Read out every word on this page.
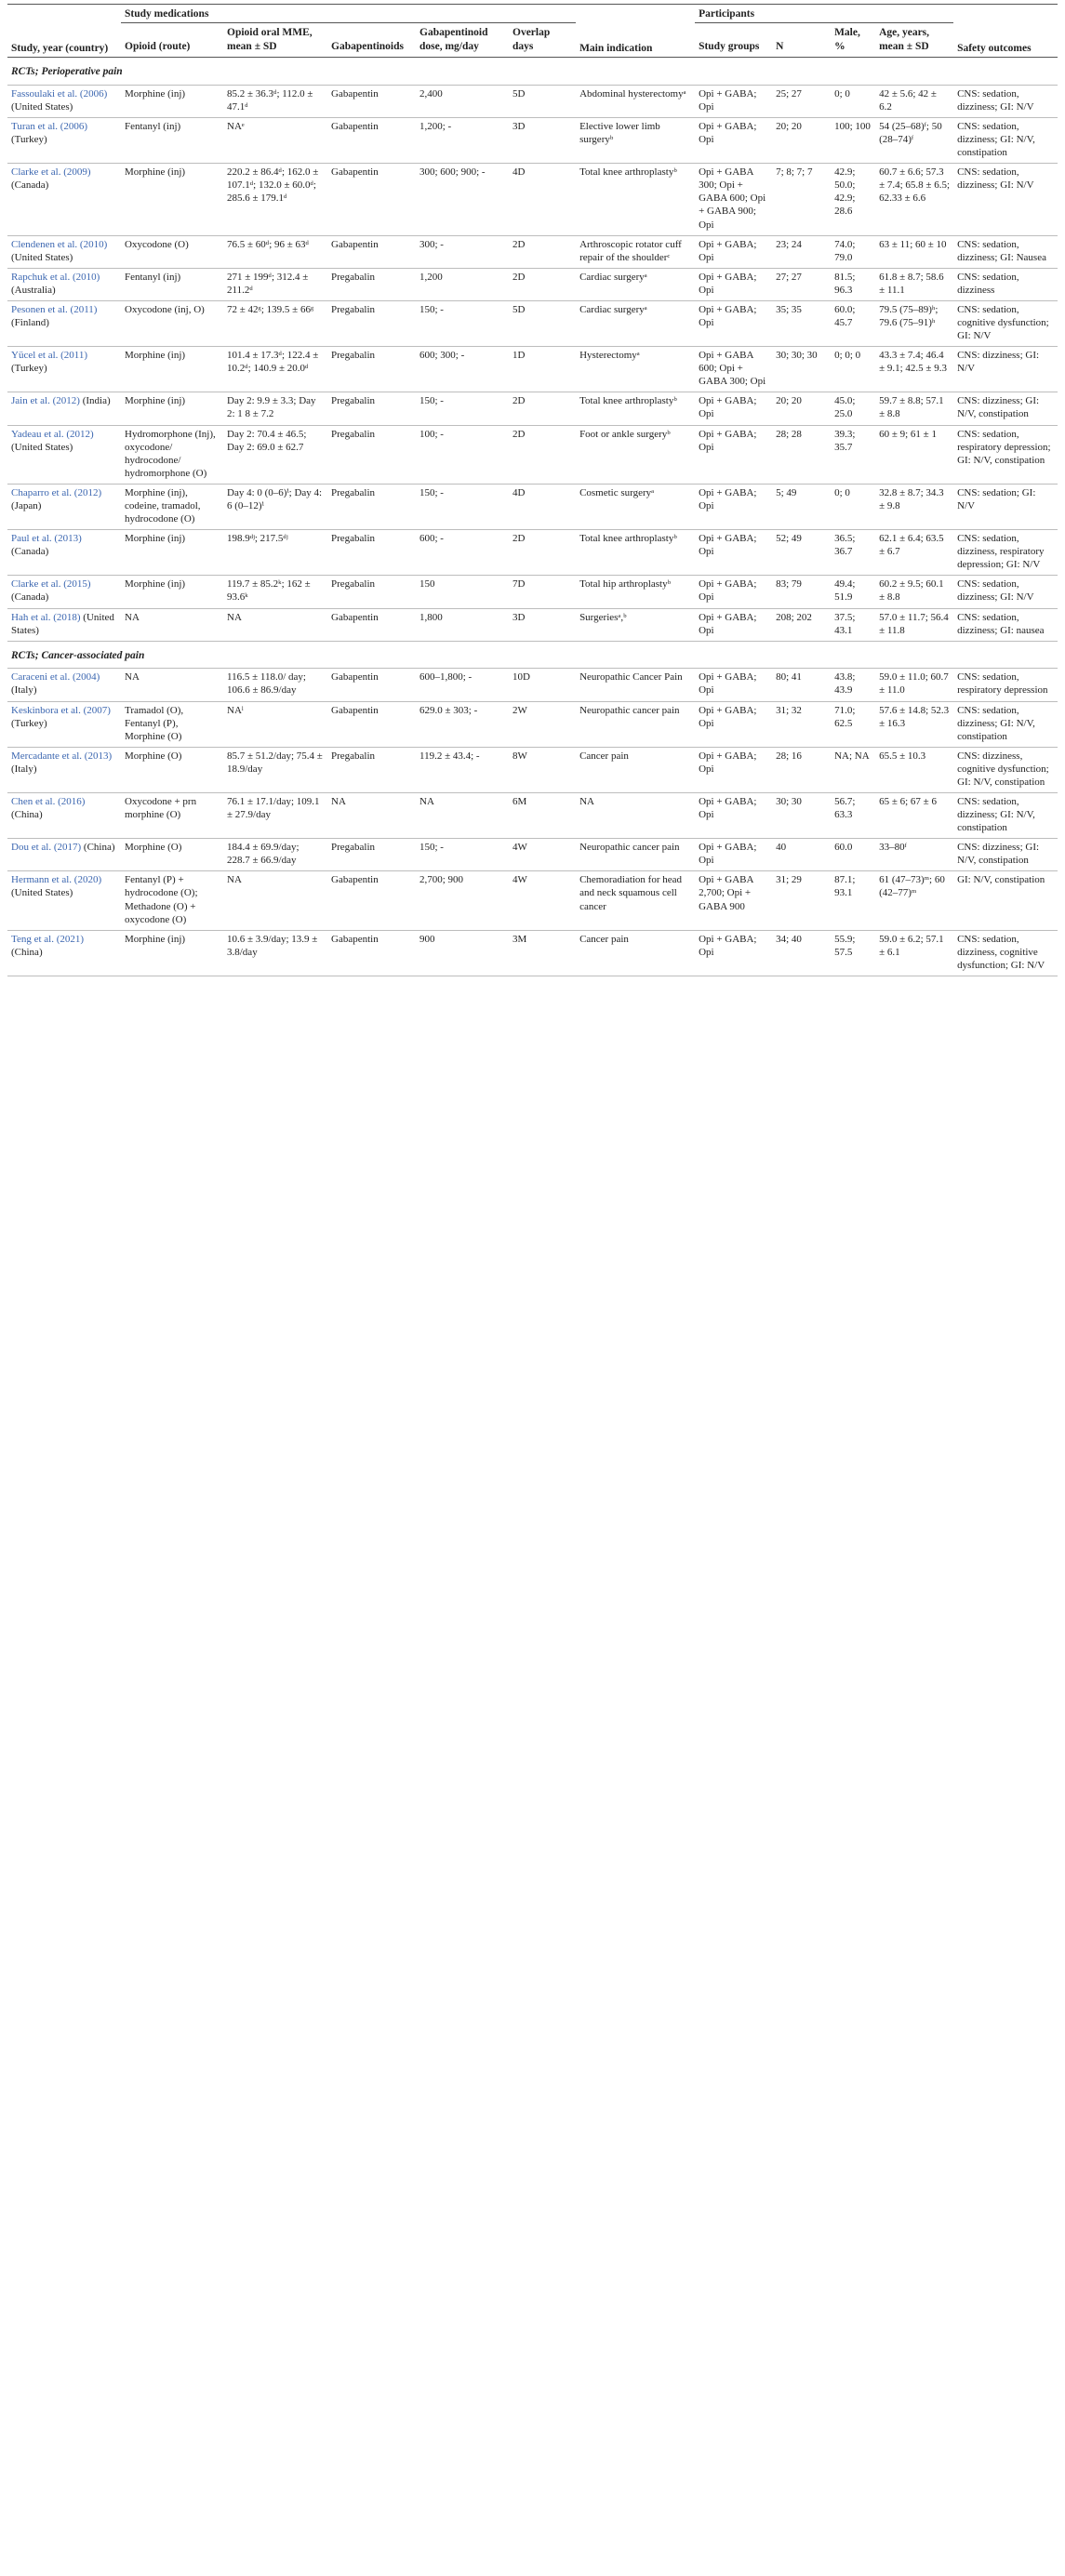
Study, year (country)	Study medications					Main indication	Participants				Safety outcomes
	Opioid (route)	Opioid oral MME, mean ± SD	Gabapentinoids	Gabapentinoid dose, mg/day	Overlap days		Study groups	N	Male, %	Age, years, mean ± SD	
RCTs; Perioperative pain											
Fassoulaki et al. (2006) (United States)	Morphine (inj)	85.2 ± 36.3ᵈ; 112.0 ± 47.1ᵈ	Gabapentin	2,400	5D	Abdominal hysterectomyᵃ	Opi + GABA; Opi	25; 27	0; 0	42 ± 5.6; 42 ± 6.2	CNS: sedation, dizziness; GI: N/V
Turan et al. (2006) (Turkey)	Fentanyl (inj)	NAᵉ	Gabapentin	1,200; -	3D	Elective lower limb surgeryᵇ	Opi + GABA; Opi	20; 20	100; 100	54 (25–68)ᶠ; 50 (28–74)ᶠ	CNS: sedation, dizziness; GI: N/V, constipation
Clarke et al. (2009) (Canada)	Morphine (inj)	220.2 ± 86.4ᵈ; 162.0 ± 107.1ᵈ; 132.0 ± 60.0ᵈ; 285.6 ± 179.1ᵈ	Gabapentin	300; 600; 900; -	4D	Total knee arthroplastyᵇ	Opi + GABA 300; Opi + GABA 600; Opi + GABA 900; Opi	7; 8; 7; 7	42.9; 50.0; 42.9; 28.6	60.7 ± 6.6; 57.3 ± 7.4; 65.8 ± 6.5; 62.33 ± 6.6	CNS: sedation, dizziness; GI: N/V
Clendenen et al. (2010) (United States)	Oxycodone (O)	76.5 ± 60ᵈ; 96 ± 63ᵈ	Gabapentin	300; -	2D	Arthroscopic rotator cuff repair of the shoulderᶜ	Opi + GABA; Opi	23; 24	74.0; 79.0	63 ± 11; 60 ± 10	CNS: sedation, dizziness; GI: Nausea
Rapchuk et al. (2010) (Australia)	Fentanyl (inj)	271 ± 199ᵈ; 312.4 ± 211.2ᵈ	Pregabalin	1,200	2D	Cardiac surgeryᵃ	Opi + GABA; Opi	27; 27	81.5; 96.3	61.8 ± 8.7; 58.6 ± 11.1	CNS: sedation, dizziness
Pesonen et al. (2011) (Finland)	Oxycodone (inj, O)	72 ± 42ᵍ; 139.5 ± 66ᵍ	Pregabalin	150; -	5D	Cardiac surgeryᵃ	Opi + GABA; Opi	35; 35	60.0; 45.7	79.5 (75–89)ʰ; 79.6 (75–91)ʰ	CNS: sedation, cognitive dysfunction; GI: N/V
Yücel et al. (2011) (Turkey)	Morphine (inj)	101.4 ± 17.3ᵈ; 122.4 ± 10.2ᵈ; 140.9 ± 20.0ᵈ	Pregabalin	600; 300; -	1D	Hysterectomyᵃ	Opi + GABA 600; Opi + GABA 300; Opi	30; 30; 30	0; 0; 0	43.3 ± 7.4; 46.4 ± 9.1; 42.5 ± 9.3	CNS: dizziness; GI: N/V
Jain et al. (2012) (India)	Morphine (inj)	Day 2: 9.9 ± 3.3; Day 2: 1 8 ± 7.2	Pregabalin	150; -	2D	Total knee arthroplastyᵇ	Opi + GABA; Opi	20; 20	45.0; 25.0	59.7 ± 8.8; 57.1 ± 8.8	CNS: dizziness; GI: N/V, constipation
Yadeau et al. (2012) (United States)	Hydromorphone (Inj), oxycodone/ hydrocodone/ hydromorphone (O)	Day 2: 70.4 ± 46.5; Day 2: 69.0 ± 62.7	Pregabalin	100; -	2D	Foot or ankle surgeryᵇ	Opi + GABA; Opi	28; 28	39.3; 35.7	60 ± 9; 61 ± 1	CNS: sedation, respiratory depression; GI: N/V, constipation
Chaparro et al. (2012) (Japan)	Morphine (inj), codeine, tramadol, hydrocodone (O)	Day 4: 0 (0–6)ⁱ; Day 4: 6 (0–12)ⁱ	Pregabalin	150; -	4D	Cosmetic surgeryᵃ	Opi + GABA; Opi	5; 49	0; 0	32.8 ± 8.7; 34.3 ± 9.8	CNS: sedation; GI: N/V
Paul et al. (2013) (Canada)	Morphine (inj)	198.9ᵈʲ; 217.5ᵈʲ	Pregabalin	600; -	2D	Total knee arthroplastyᵇ	Opi + GABA; Opi	52; 49	36.5; 36.7	62.1 ± 6.4; 63.5 ± 6.7	CNS: sedation, dizziness, respiratory depression; GI: N/V
Clarke et al. (2015) (Canada)	Morphine (inj)	119.7 ± 85.2ᵏ; 162 ± 93.6ᵏ	Pregabalin	150	7D	Total hip arthroplastyᵇ	Opi + GABA; Opi	83; 79	49.4; 51.9	60.2 ± 9.5; 60.1 ± 8.8	CNS: sedation, dizziness; GI: N/V
Hah et al. (2018) (United States)	NA	NA	Gabapentin	1,800	3D	Surgeriesᵃ,ᵇ	Opi + GABA; Opi	208; 202	37.5; 43.1	57.0 ± 11.7; 56.4 ± 11.8	CNS: sedation, dizziness; GI: nausea
RCTs; Cancer-associated pain											
Caraceni et al. (2004) (Italy)	NA	116.5 ± 118.0/ day; 106.6 ± 86.9/day	Gabapentin	600–1,800; -	10D	Neuropathic Cancer Pain	Opi + GABA; Opi	80; 41	43.8; 43.9	59.0 ± 11.0; 60.7 ± 11.0	CNS: sedation, respiratory depression
Keskinbora et al. (2007) (Turkey)	Tramadol (O), Fentanyl (P), Morphine (O)	NAˡ	Gabapentin	629.0 ± 303; -	2W	Neuropathic cancer pain	Opi + GABA; Opi	31; 32	71.0; 62.5	57.6 ± 14.8; 52.3 ± 16.3	CNS: sedation, dizziness; GI: N/V, constipation
Mercadante et al. (2013) (Italy)	Morphine (O)	85.7 ± 51.2/day; 75.4 ± 18.9/day	Pregabalin	119.2 ± 43.4; -	8W	Cancer pain	Opi + GABA; Opi	28; 16	NA; NA	65.5 ± 10.3	CNS: dizziness, cognitive dysfunction; GI: N/V, constipation
Chen et al. (2016) (China)	Oxycodone + prn morphine (O)	76.1 ± 17.1/day; 109.1 ± 27.9/day	NA	NA	6M	NA	Opi + GABA; Opi	30; 30	56.7; 63.3	65 ± 6; 67 ± 6	CNS: sedation, dizziness; GI: N/V, constipation
Dou et al. (2017) (China)	Morphine (O)	184.4 ± 69.9/day; 228.7 ± 66.9/day	Pregabalin	150; -	4W	Neuropathic cancer pain	Opi + GABA; Opi	40	60.0	33–80ᶠ	CNS: dizziness; GI: N/V, constipation
Hermann et al. (2020) (United States)	Fentanyl (P) + hydrocodone (O); Methadone (O) + oxycodone (O)	NA	Gabapentin	2,700; 900	4W	Chemoradiation for head and neck squamous cell cancer	Opi + GABA 2,700; Opi + GABA 900	31; 29	87.1; 93.1	61 (47–73)ᵐ; 60 (42–77)ᵐ	GI: N/V, constipation
Teng et al. (2021) (China)	Morphine (inj)	10.6 ± 3.9/day; 13.9 ± 3.8/day	Gabapentin	900	3M	Cancer pain	Opi + GABA; Opi	34; 40	55.9; 57.5	59.0 ± 6.2; 57.1 ± 6.1	CNS: sedation, dizziness, cognitive dysfunction; GI: N/V
